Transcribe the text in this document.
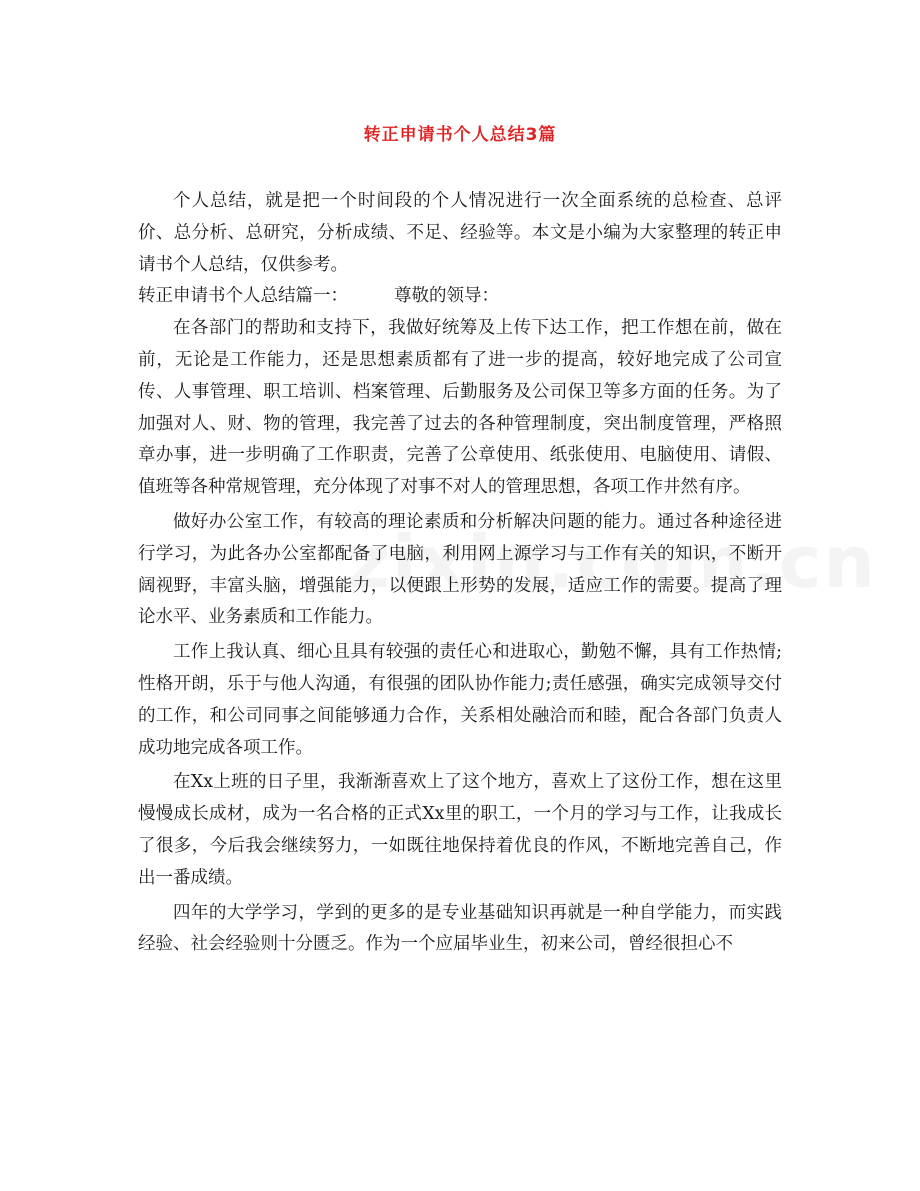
转正申请书个人总结3篇

个人总结，就是把一个时间段的个人情况进行一次全面系统的总检查、总评价、总分析、总研究，分析成绩、不足、经验等。本文是小编为大家整理的转正申请书个人总结，仅供参考。

转正申请书个人总结篇一：	尊敬的领导：

在各部门的帮助和支持下，我做好统筹及上传下达工作，把工作想在前，做在前，无论是工作能力，还是思想素质都有了进一步的提高，较好地完成了公司宣传、人事管理、职工培训、档案管理、后勤服务及公司保卫等多方面的任务。为了加强对人、财、物的管理，我完善了过去的各种管理制度，突出制度管理，严格照章办事，进一步明确了工作职责，完善了公章使用、纸张使用、电脑使用、请假、值班等各种常规管理，充分体现了对事不对人的管理思想，各项工作井然有序。

做好办公室工作，有较高的理论素质和分析解决问题的能力。通过各种途径进行学习，为此各办公室都配备了电脑，利用网上源学习与工作有关的知识，不断开阔视野，丰富头脑，增强能力，以便跟上形势的发展，适应工作的需要。提高了理论水平、业务素质和工作能力。

工作上我认真、细心且具有较强的责任心和进取心，勤勉不懈，具有工作热情;性格开朗，乐于与他人沟通，有很强的团队协作能力;责任感强，确实完成领导交付的工作，和公司同事之间能够通力合作，关系相处融洽而和睦，配合各部门负责人成功地完成各项工作。

在Xx上班的日子里，我渐渐喜欢上了这个地方，喜欢上了这份工作，想在这里慢慢成长成材，成为一名合格的正式Xx里的职工，一个月的学习与工作，让我成长了很多，今后我会继续努力，一如既往地保持着优良的作风，不断地完善自己，作出一番成绩。

四年的大学学习，学到的更多的是专业基础知识再就是一种自学能力，而实践经验、社会经验则十分匮乏。作为一个应届毕业生，初来公司，曾经很担心不
